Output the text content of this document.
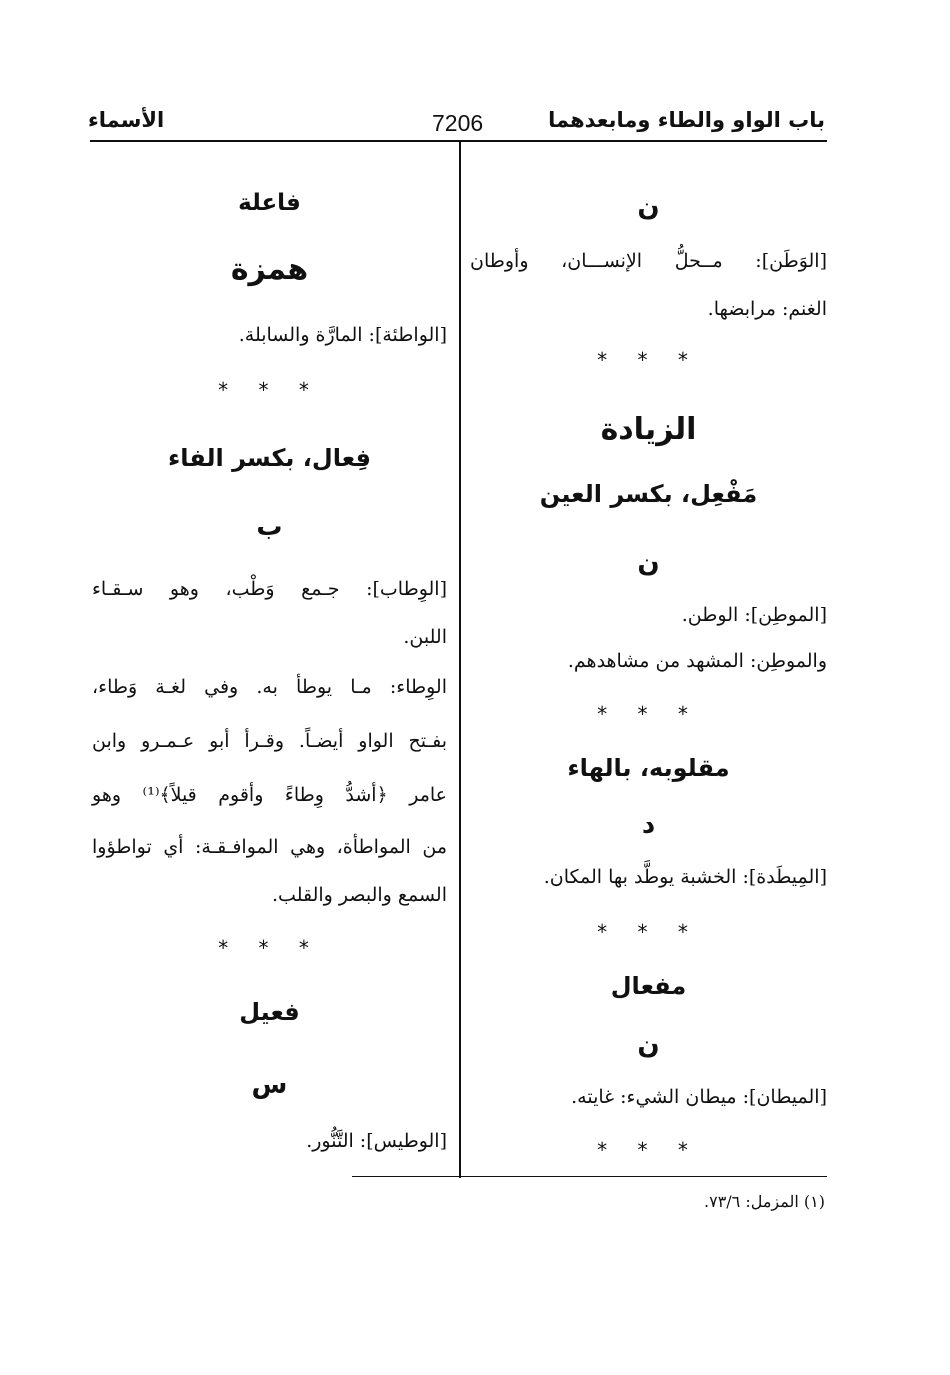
باب الواو والطاء ومابعدهما
7206
الأسماء
ن
[الوَطَن]: مــحلُّ الإنســـان، وأوطان
الغنم: مرابضها.
* * *
الزيادة
مَفْعِل، بكسر العين
ن
[الموطِن]: الوطن.
والموطِن: المشهد من مشاهدهم.
* * *
مقلوبه، بالهاء
د
[المِيطَدة]: الخشبة يوطَّد بها المكان.
* * *
مفعال
ن
[الميطان]: ميطان الشيء: غايته.
* * *
فاعلة
همزة
[الواطئة]: المارَّة والسابلة.
* * *
فِعال، بكسر الفاء
ب
[الوِطاب]: جـمع وَطْب، وهو سـقـاء
اللبن.
الوِطاء: مـا يوطأ به. وفي لغـة وَطاء،
بفـتح الواو أيضـاً. وقـرأ أبو عـمـرو وابن
عامر ﴿أشدُّ وِطاءً وأقوم قيلاً﴾⁽¹⁾ وهو
من المواطأة، وهي الموافـقـة: أي تواطؤوا
السمع والبصر والقلب.
* * *
فعيل
س
[الوطيس]: التَّنُّور.
(١) المزمل: ٧٣/٦.
